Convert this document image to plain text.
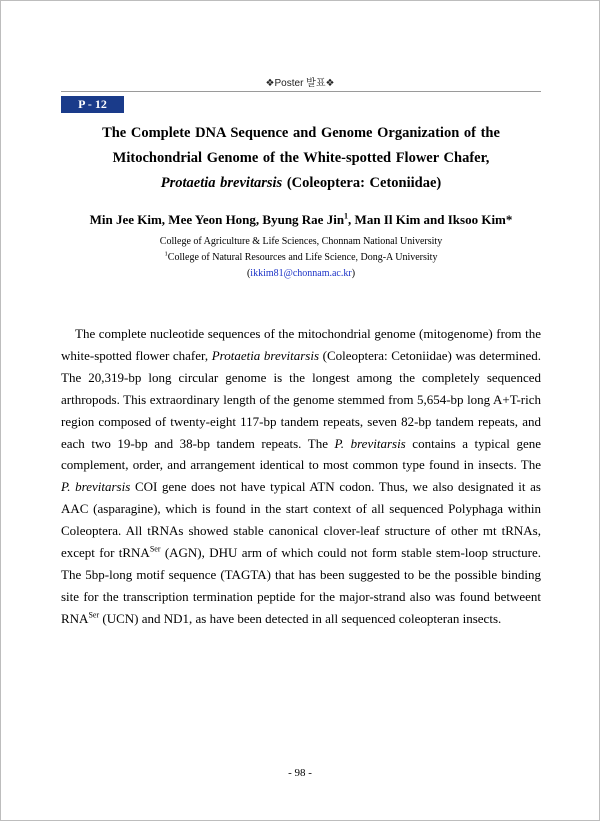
❖Poster 발표❖
P - 12
The Complete DNA Sequence and Genome Organization of the
Mitochondrial Genome of the White-spotted Flower Chafer,
Protaetia brevitarsis (Coleoptera: Cetoniidae)
Min Jee Kim, Mee Yeon Hong, Byung Rae Jin$^1$, Man Il Kim and Iksoo Kim*
College of Agriculture & Life Sciences, Chonnam National University
$^1$College of Natural Resources and Life Science, Dong-A University
(ikkim81@chonnam.ac.kr)

The complete nucleotide sequences of the mitochondrial genome (mitogenome) from the white-spotted flower chafer, Protaetia brevitarsis (Coleoptera: Cetoniidae) was determined. The 20,319-bp long circular genome is the longest among the completely sequenced arthropods. This extraordinary length of the genome stemmed from 5,654-bp long A+T-rich region composed of twenty-eight 117-bp tandem repeats, seven 82-bp tandem repeats, and each two 19-bp and 38-bp tandem repeats. The P. brevitarsis contains a typical gene complement, order, and arrangement identical to most common type found in insects. The P. brevitarsis COI gene does not have typical ATN codon. Thus, we also designated it as AAC (asparagine), which is found in the start context of all sequenced Polyphaga within Coleoptera. All tRNAs showed stable canonical clover-leaf structure of other mt tRNAs, except for tRNA$^{Ser}$ (AGN), DHU arm of which could not form stable stem-loop structure. The 5bp-long motif sequence (TAGTA) that has been suggested to be the possible binding site for the transcription termination peptide for the major-strand also was found betweent $RNA^{Ser}$ (UCN) and ND1, as have been detected in all sequenced coleopteran insects.

- 98 -
